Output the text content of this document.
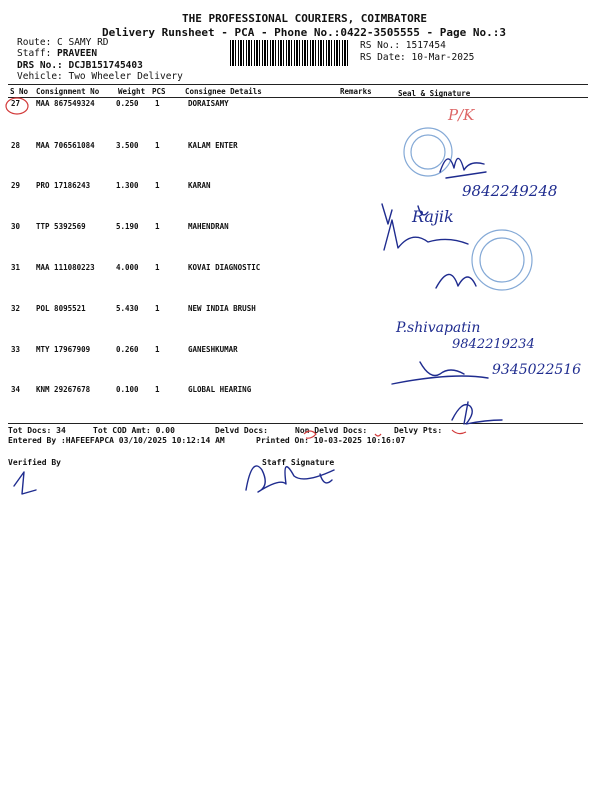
THE PROFESSIONAL COURIERS, COIMBATORE
Delivery Runsheet - PCA - Phone No.:0422-3505555 - Page No.:3
Route: C SAMY RD
Staff: PRAVEEN
DRS No.: DCJB151745403
Vehicle: Two Wheeler Delivery
RS No.: 1517454
RS Date: 10-Mar-2025
S No Consignment No	Weight PCS	Consignee Details	Remarks	Seal & Signature
27 MAA 867549324	0.250 1	DORAISAMY
28 MAA 706561084	3.500 1	KALAM ENTER
29 PRO 17186243	1.300 1	KARAN
30 TTP 5392569	5.190 1	MAHENDRAN
31 MAA 111080223	4.000 1	KOVAI DIAGNOSTIC
32 POL 8095521	5.430 1	NEW INDIA BRUSH
33 MTY 17967909	0.260 1	GANESHKUMAR
34 KNM 29267678	0.100 1	GLOBAL HEARING
Tot Docs: 34	Tot COD Amt: 0.00	Delvd Docs:	Non Delvd Docs:	Delvy Pts:
Entered By :HAFEEFAPCA 03/10/2025 10:12:14 AM	Printed On: 10-03-2025 10:16:07
Verified By	Staff Signature
P/K
9842249248
Rajik
P.shivapatin
9842219234
9345022516
